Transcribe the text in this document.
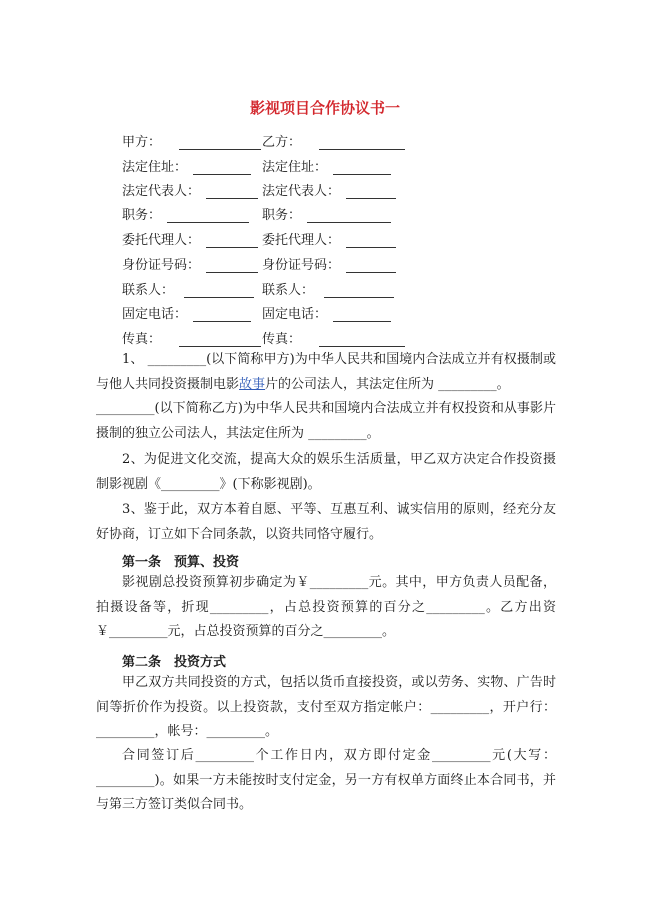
影视项目合作协议书一
甲方：	乙方：
法定住址：	法定住址：
法定代表人：	法定代表人：
职务：	职务：
委托代理人：	委托代理人：
身份证号码：	身份证号码：
联系人：	联系人：
固定电话：	固定电话：
传真：	传真：
1、 _________(以下简称甲方)为中华人民共和国境内合法成立并有权摄制或与他人共同投资摄制电影故事片的公司法人，其法定住所为 _________。
_________(以下简称乙方)为中华人民共和国境内合法成立并有权投资和从事影片摄制的独立公司法人，其法定住所为 _________。
2、为促进文化交流，提高大众的娱乐生活质量，甲乙双方决定合作投资摄制影视剧《_________》(下称影视剧)。
3、鉴于此，双方本着自愿、平等、互惠互利、诚实信用的原则，经充分友好协商，订立如下合同条款，以资共同恪守履行。
第一条　预算、投资
影视剧总投资预算初步确定为￥_________元。其中，甲方负责人员配备，拍摄设备等，折现_________，占总投资预算的百分之_________。乙方出资￥_________元，占总投资预算的百分之_________。
第二条　投资方式
甲乙双方共同投资的方式，包括以货币直接投资，或以劳务、实物、广告时间等折价作为投资。以上投资款，支付至双方指定帐户：_________，开户行：_________，帐号：_________。
合同签订后_________个工作日内，双方即付定金_________元(大写：_________)。如果一方未能按时支付定金，另一方有权单方面终止本合同书，并与第三方签订类似合同书。
